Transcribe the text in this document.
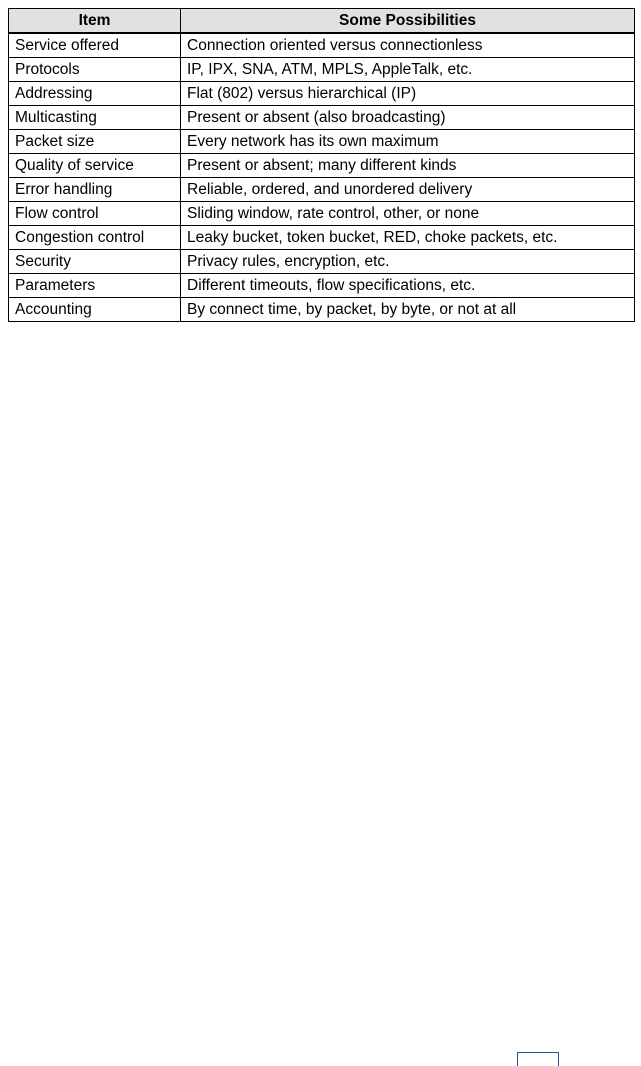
Item	Some Possibilities
Service offered	Connection oriented versus connectionless
Protocols	IP, IPX, SNA, ATM, MPLS, AppleTalk, etc.
Addressing	Flat (802) versus hierarchical (IP)
Multicasting	Present or absent (also broadcasting)
Packet size	Every network has its own maximum
Quality of service	Present or absent; many different kinds
Error handling	Reliable, ordered, and unordered delivery
Flow control	Sliding window, rate control, other, or none
Congestion control	Leaky bucket, token bucket, RED, choke packets, etc.
Security	Privacy rules, encryption, etc.
Parameters	Different timeouts, flow specifications, etc.
Accounting	By connect time, by packet, by byte, or not at all
